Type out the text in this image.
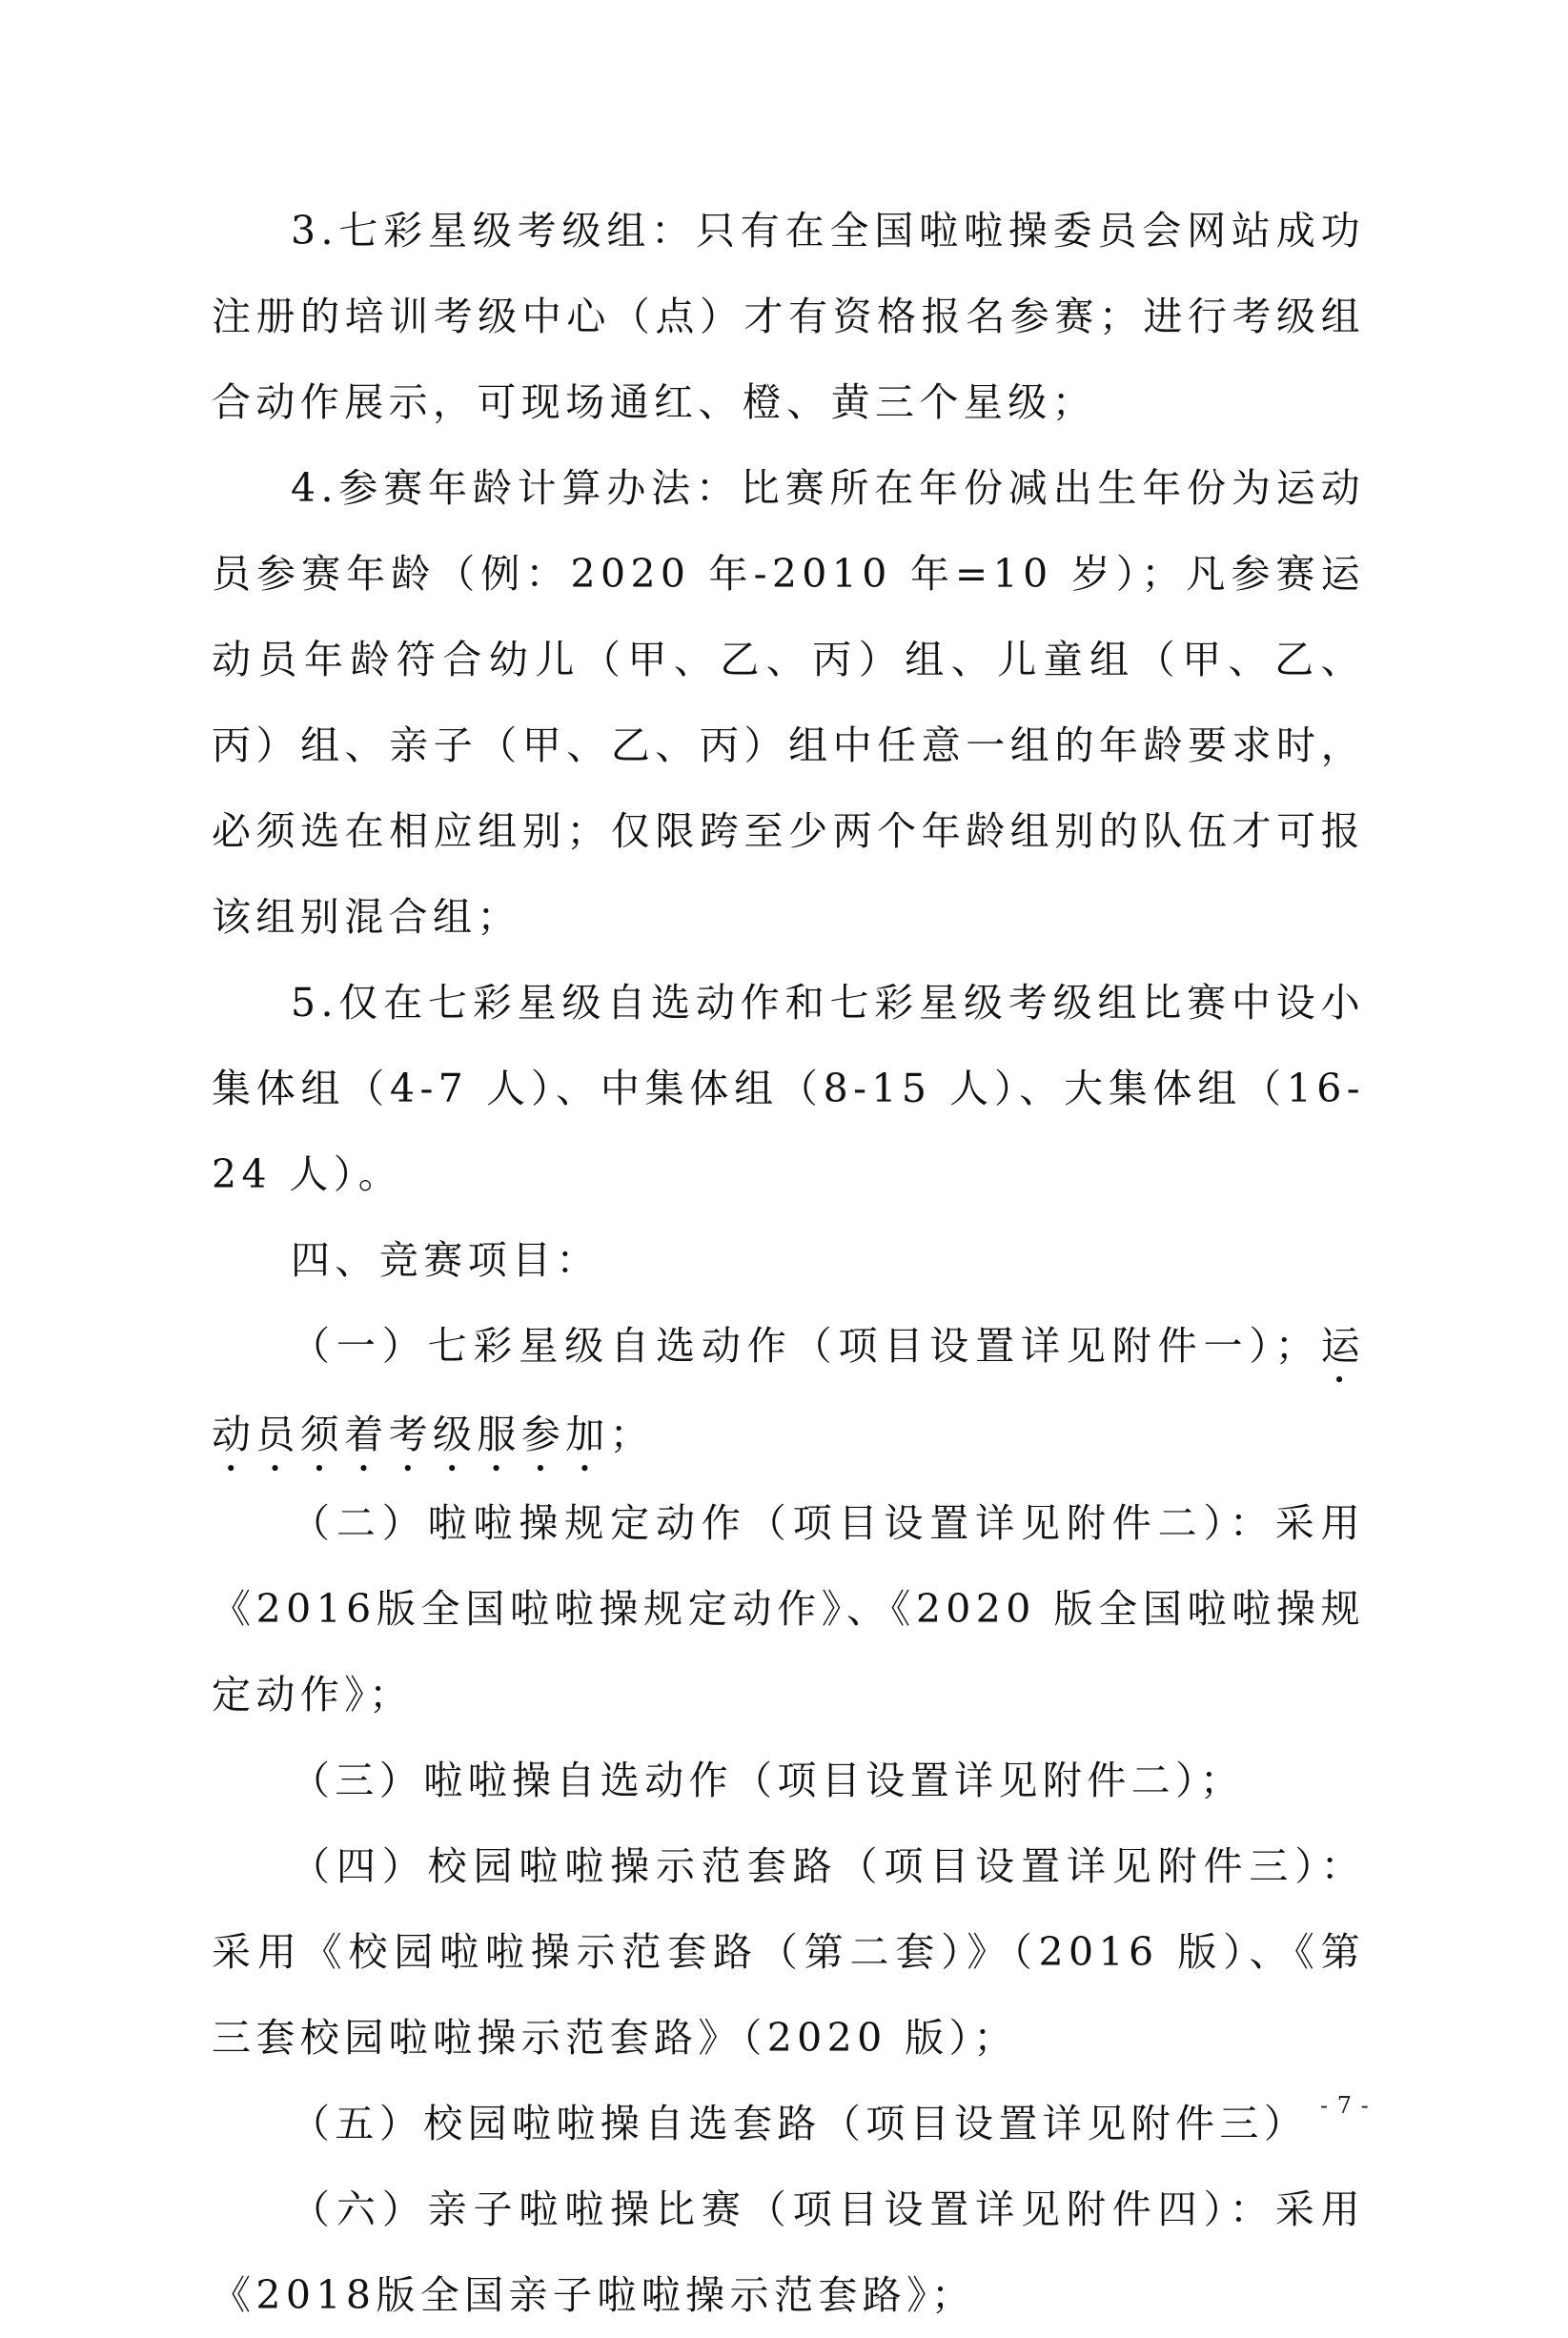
3.七彩星级考级组：只有在全国啦啦操委员会网站成功注册的培训考级中心（点）才有资格报名参赛；进行考级组合动作展示，可现场通红、橙、黄三个星级；

4.参赛年龄计算办法：比赛所在年份减出生年份为运动员参赛年龄（例：2020 年-2010 年=10 岁）；凡参赛运动员年龄符合幼儿（甲、乙、丙）组、儿童组（甲、乙、丙）组、亲子（甲、乙、丙）组中任意一组的年龄要求时，必须选在相应组别；仅限跨至少两个年龄组别的队伍才可报该组别混合组；

5.仅在七彩星级自选动作和七彩星级考级组比赛中设小集体组（4-7 人）、中集体组（8-15 人）、大集体组（16-24 人）。

四、竞赛项目：

（一）七彩星级自选动作（项目设置详见附件一）；运动员须着考级服参加；

（二）啦啦操规定动作（项目设置详见附件二）：采用《2016版全国啦啦操规定动作》、《2020 版全国啦啦操规定动作》；

（三）啦啦操自选动作（项目设置详见附件二）；

（四）校园啦啦操示范套路（项目设置详见附件三）：采用《校园啦啦操示范套路（第二套）》（2016 版）、《第三套校园啦啦操示范套路》（2020 版）；

（五）校园啦啦操自选套路（项目设置详见附件三）

（六）亲子啦啦操比赛（项目设置详见附件四）：采用《2018版全国亲子啦啦操示范套路》；

- 7 -
